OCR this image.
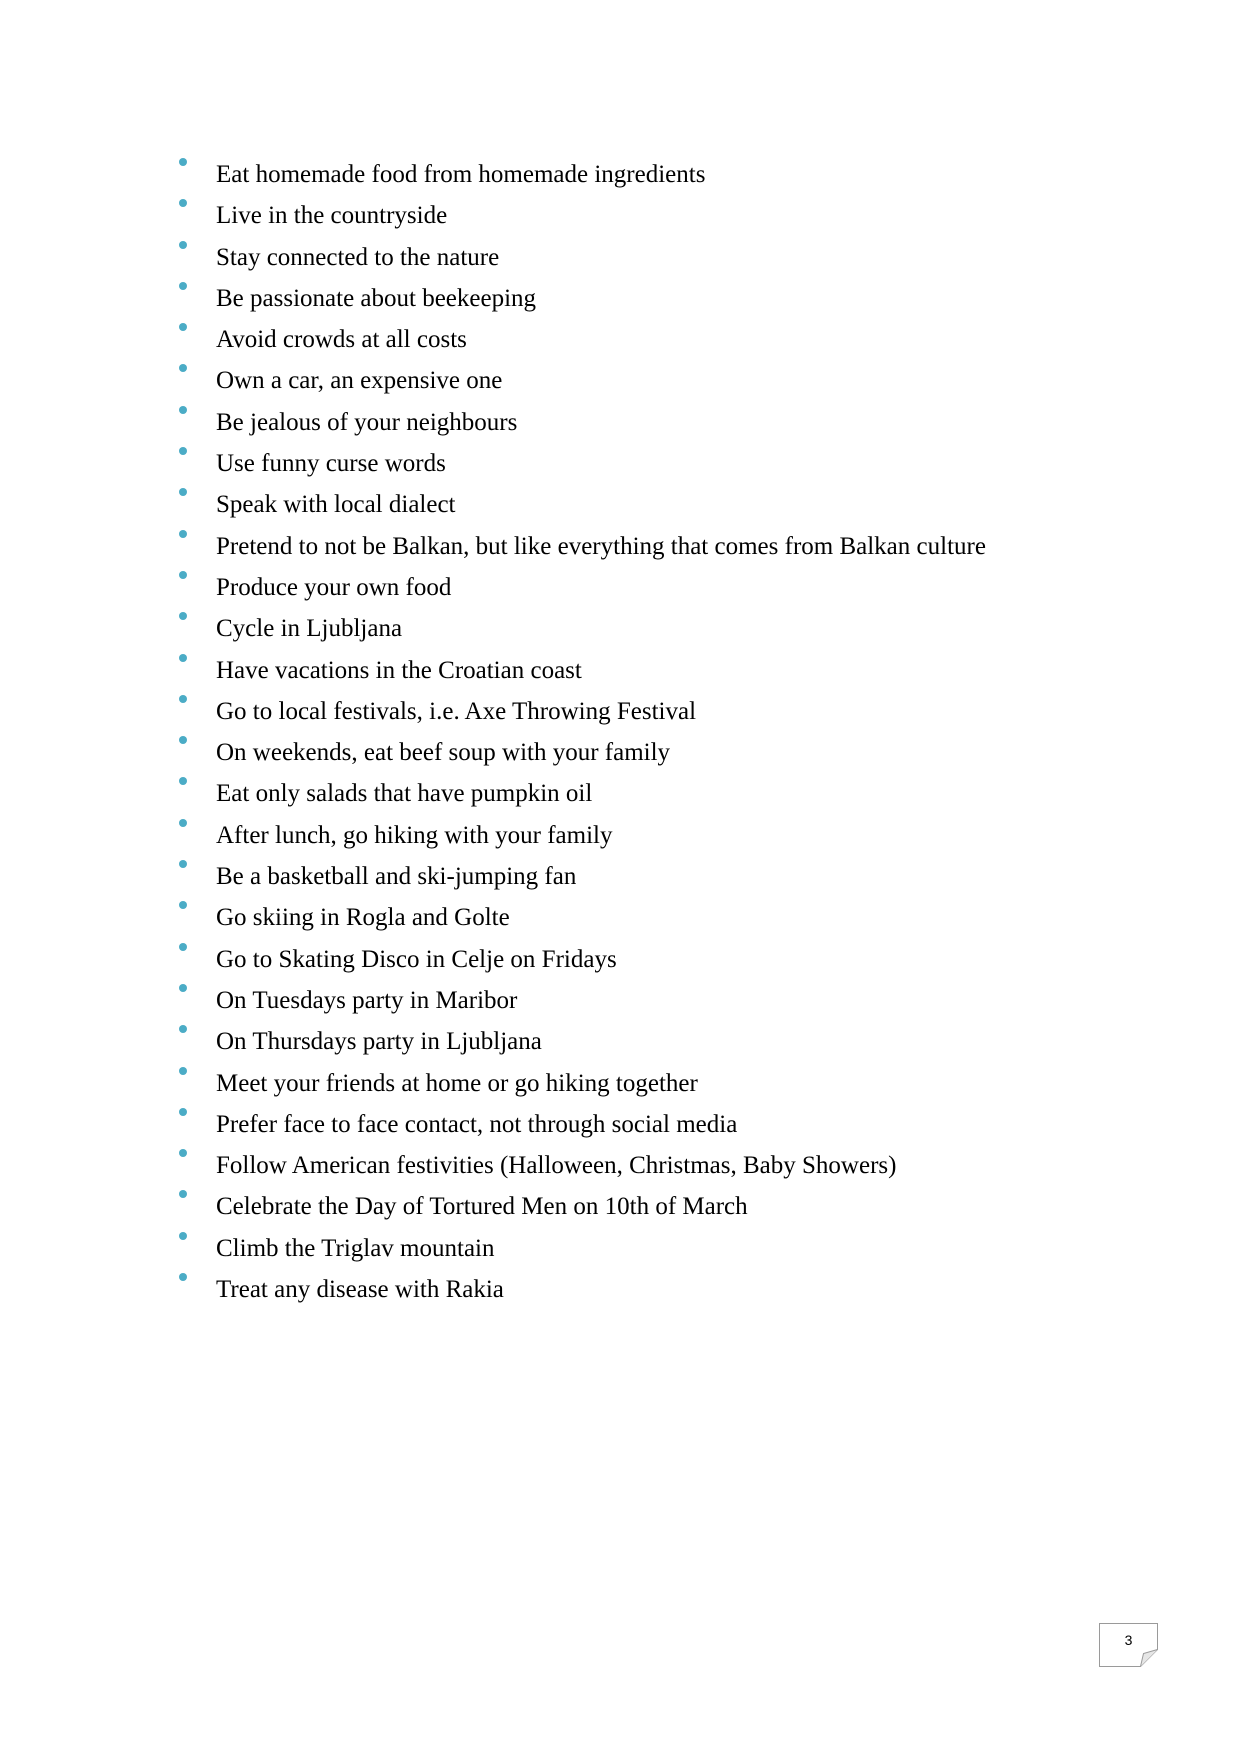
Eat homemade food from homemade ingredients
Live in the countryside
Stay connected to the nature
Be passionate about beekeeping
Avoid crowds at all costs
Own a car, an expensive one
Be jealous of your neighbours
Use funny curse words
Speak with local dialect
Pretend to not be Balkan, but like everything that comes from Balkan culture
Produce your own food
Cycle in Ljubljana
Have vacations in the Croatian coast
Go to local festivals, i.e. Axe Throwing Festival
On weekends, eat beef soup with your family
Eat only salads that have pumpkin oil
After lunch, go hiking with your family
Be a basketball and ski-jumping fan
Go skiing in Rogla and Golte
Go to Skating Disco in Celje on Fridays
On Tuesdays party in Maribor
On Thursdays party in Ljubljana
Meet your friends at home or go hiking together
Prefer face to face contact, not through social media
Follow American festivities (Halloween, Christmas, Baby Showers)
Celebrate the Day of Tortured Men on 10th of March
Climb the Triglav mountain
Treat any disease with Rakia
3
